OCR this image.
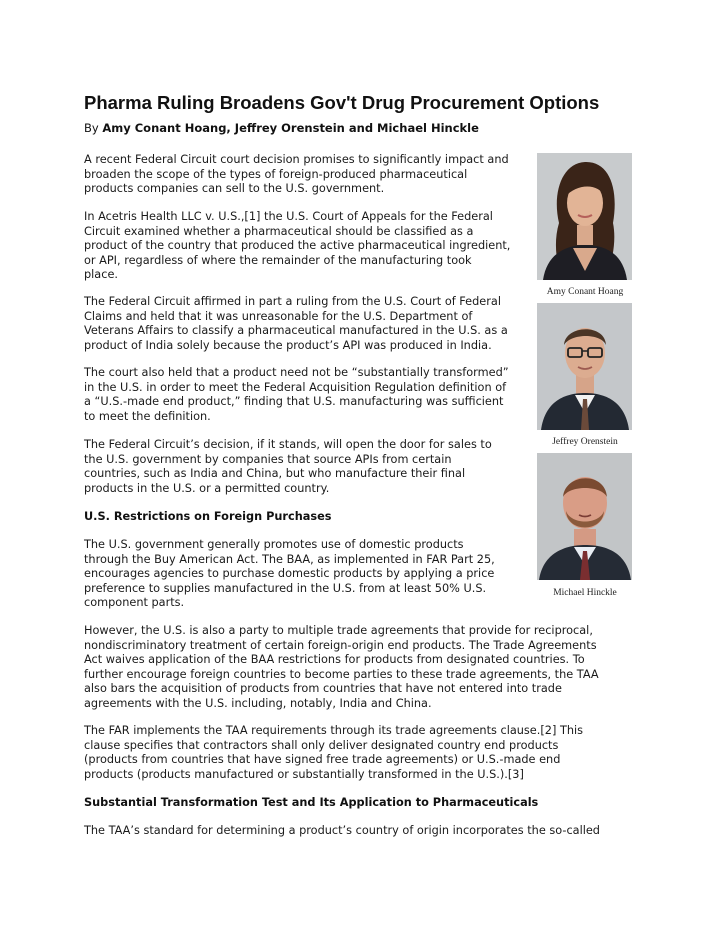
Pharma Ruling Broadens Gov't Drug Procurement Options
By Amy Conant Hoang, Jeffrey Orenstein and Michael Hinckle

A recent Federal Circuit court decision promises to significantly impact and
broaden the scope of the types of foreign-produced pharmaceutical
products companies can sell to the U.S. government.

In Acetris Health LLC v. U.S.,[1] the U.S. Court of Appeals for the Federal
Circuit examined whether a pharmaceutical should be classified as a
product of the country that produced the active pharmaceutical ingredient,
or API, regardless of where the remainder of the manufacturing took
place.

The Federal Circuit affirmed in part a ruling from the U.S. Court of Federal
Claims and held that it was unreasonable for the U.S. Department of
Veterans Affairs to classify a pharmaceutical manufactured in the U.S. as a
product of India solely because the product’s API was produced in India.

The court also held that a product need not be “substantially transformed”
in the U.S. in order to meet the Federal Acquisition Regulation definition of
a “U.S.-made end product,” finding that U.S. manufacturing was sufficient
to meet the definition.

The Federal Circuit’s decision, if it stands, will open the door for sales to
the U.S. government by companies that source APIs from certain
countries, such as India and China, but who manufacture their final
products in the U.S. or a permitted country.

U.S. Restrictions on Foreign Purchases

The U.S. government generally promotes use of domestic products
through the Buy American Act. The BAA, as implemented in FAR Part 25,
encourages agencies to purchase domestic products by applying a price
preference to supplies manufactured in the U.S. from at least 50% U.S.
component parts.

However, the U.S. is also a party to multiple trade agreements that provide for reciprocal,
nondiscriminatory treatment of certain foreign-origin end products. The Trade Agreements
Act waives application of the BAA restrictions for products from designated countries. To
further encourage foreign countries to become parties to these trade agreements, the TAA
also bars the acquisition of products from countries that have not entered into trade
agreements with the U.S. including, notably, India and China.

The FAR implements the TAA requirements through its trade agreements clause.[2] This
clause specifies that contractors shall only deliver designated country end products
(products from countries that have signed free trade agreements) or U.S.-made end
products (products manufactured or substantially transformed in the U.S.).[3]

Substantial Transformation Test and Its Application to Pharmaceuticals

The TAA’s standard for determining a product’s country of origin incorporates the so-called

Amy Conant Hoang
Jeffrey Orenstein
Michael Hinckle
